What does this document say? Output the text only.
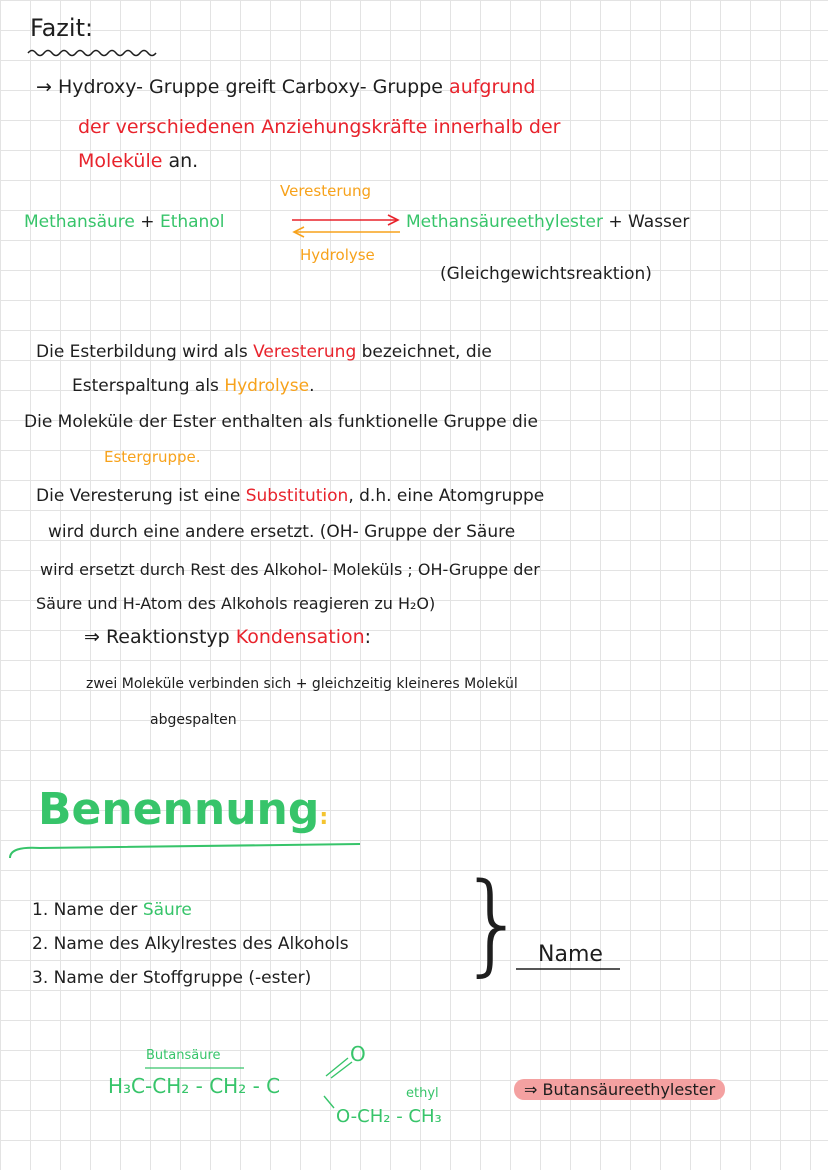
Fazit:
→ Hydroxy- Gruppe greift Carboxy- Gruppe aufgrund
der verschiedenen Anziehungskräfte innerhalb der
Moleküle an.
Veresterung
Methansäure + Ethanol	Methansäureethylester + Wasser
Hydrolyse
(Gleichgewichtsreaktion)
Die Esterbildung wird als Veresterung bezeichnet, die
Esterspaltung als Hydrolyse.
Die Moleküle der Ester enthalten als funktionelle Gruppe die
Estergruppe.
Die Veresterung ist eine Substitution, d.h. eine Atomgruppe
wird durch eine andere ersetzt. (OH- Gruppe der Säure
wird ersetzt durch Rest des Alkohol- Moleküls ; OH-Gruppe der
Säure und H-Atom des Alkohols reagieren zu H₂O)
⇒ Reaktionstyp Kondensation:
zwei Moleküle verbinden sich + gleichzeitig kleineres Molekül
abgespalten
Benennung:
1. Name der Säure
2. Name des Alkylrestes des Alkohols
3. Name der Stoffgruppe (-ester) } Name
Butansäure
H₃C-CH₂ - CH₂ - C
O
ethyl
O-CH₂ - CH₃
⇒ Butansäureethylester
